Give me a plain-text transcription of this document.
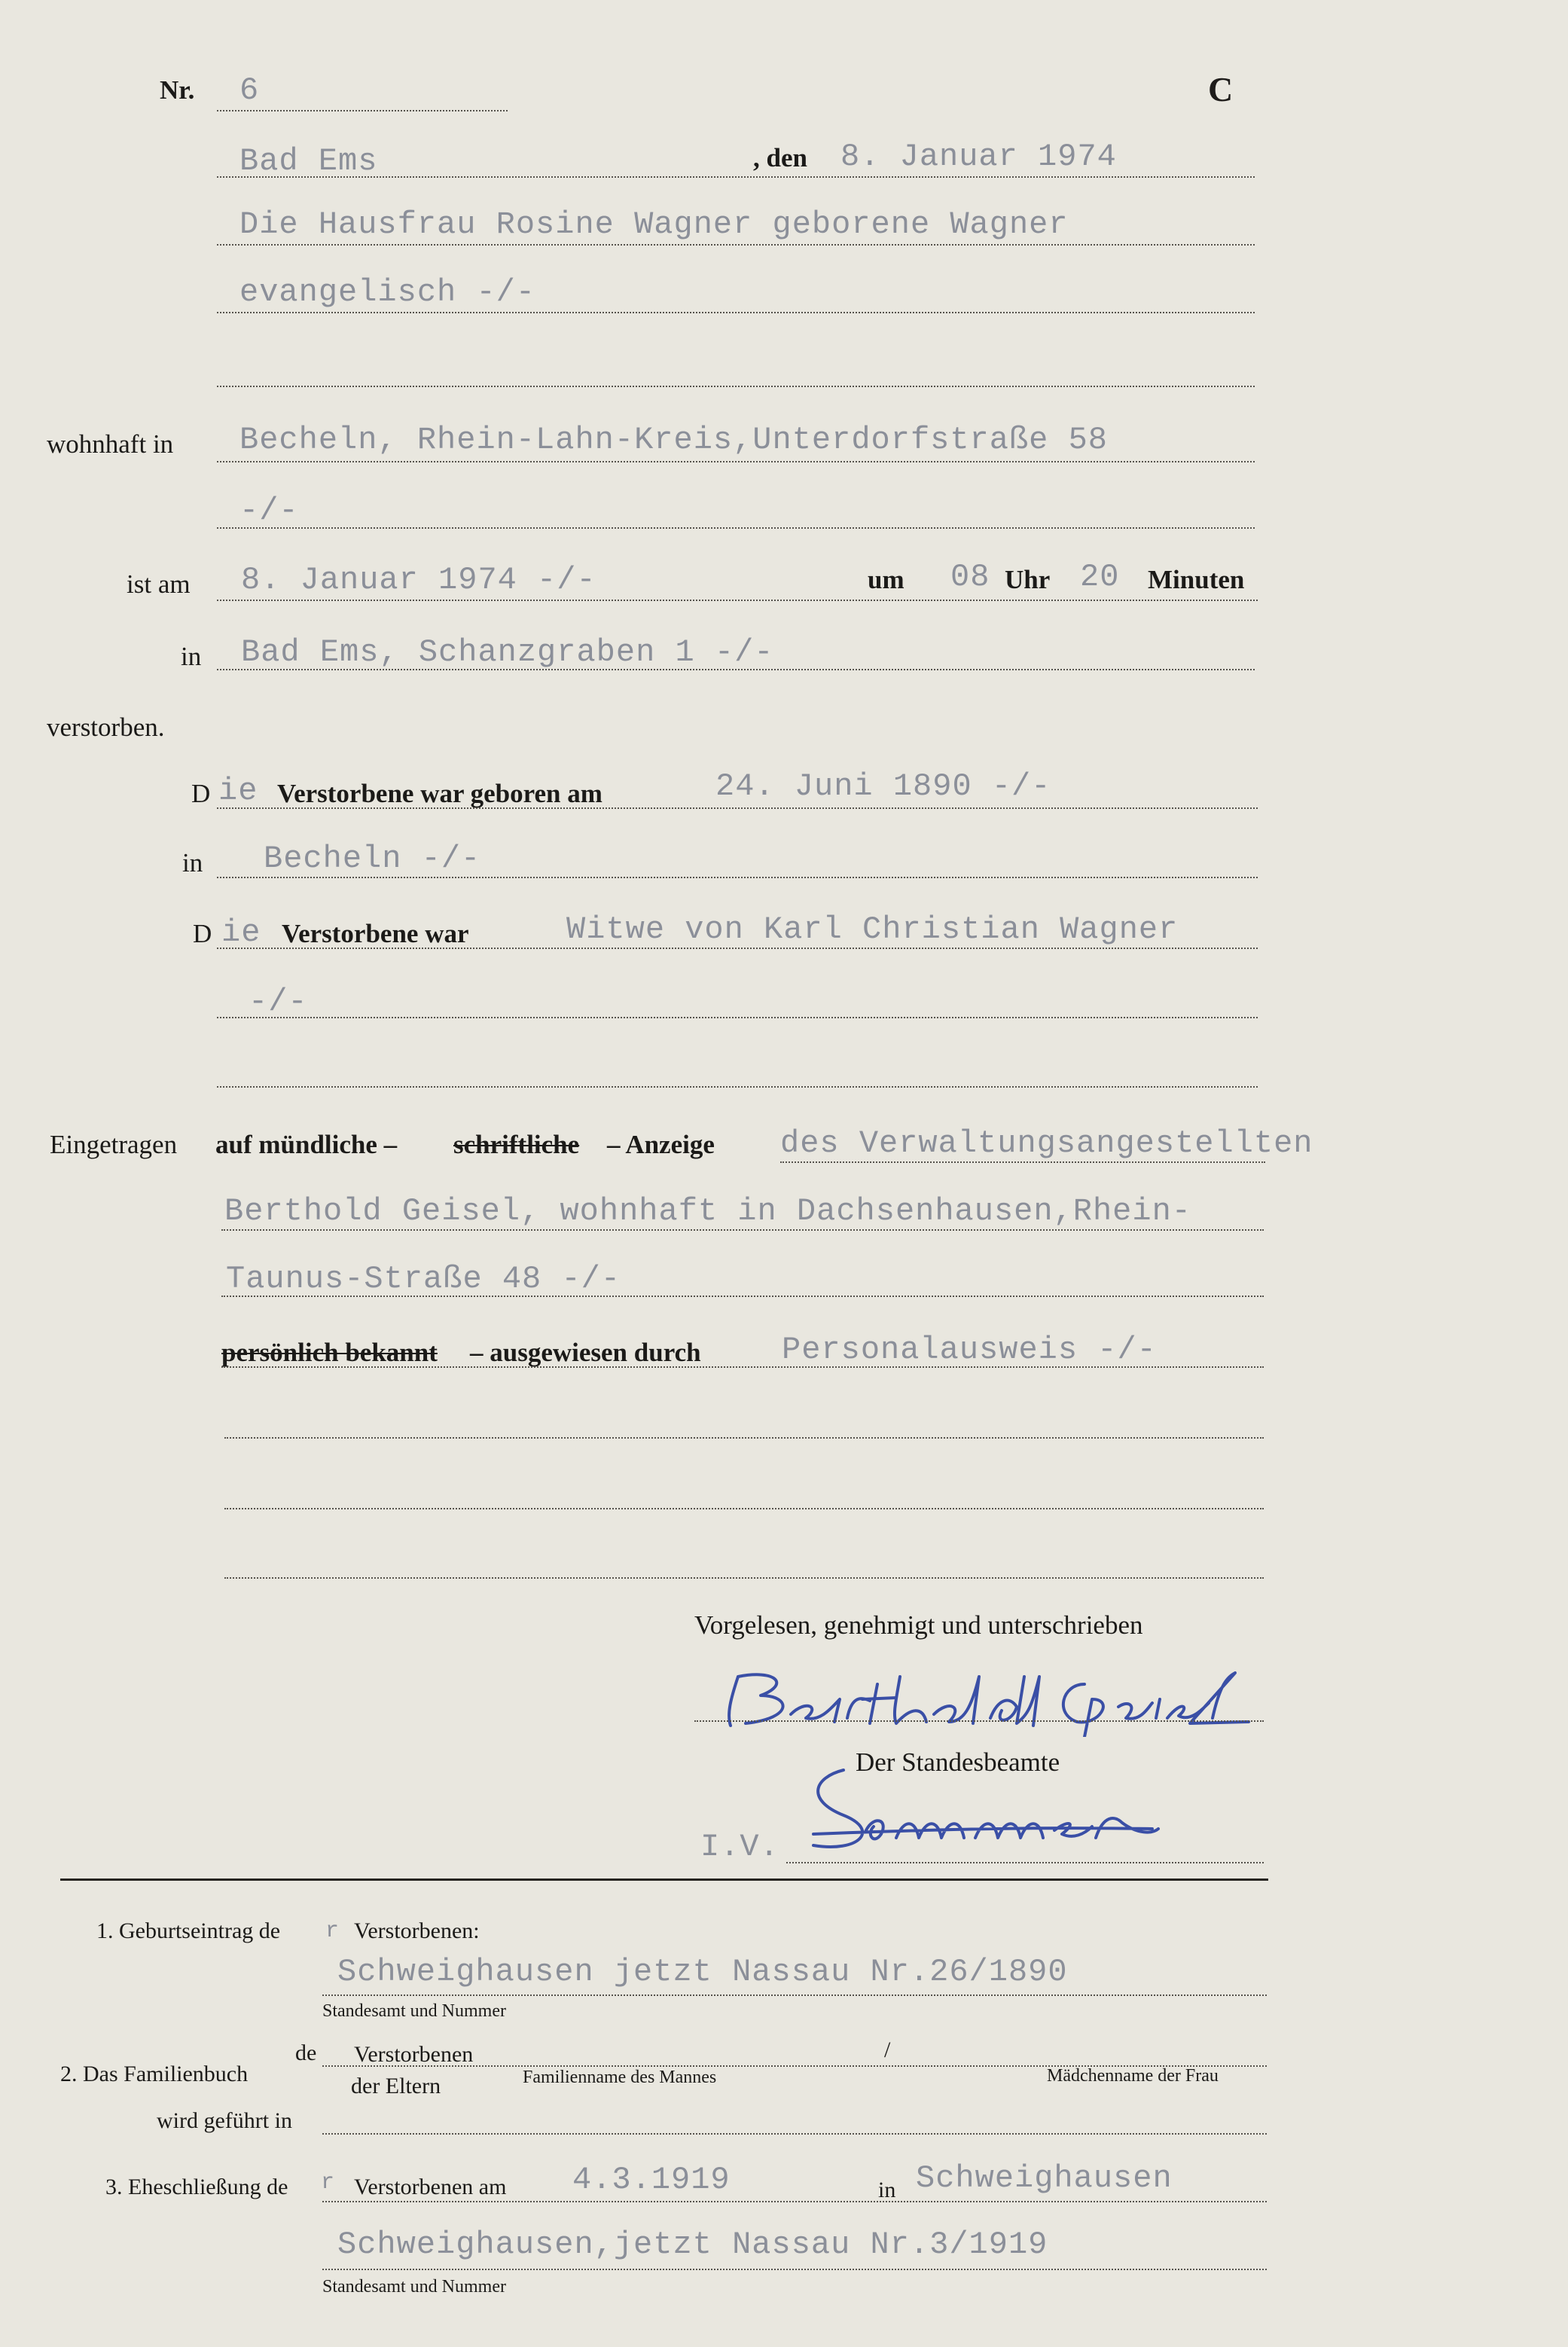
Nr. 6	C
Bad Ems	, den 8. Januar 1974
Die Hausfrau Rosine Wagner geborene Wagner
evangelisch -/-
wohnhaft in Becheln, Rhein-Lahn-Kreis,Unterdorfstraße 58
-/-
ist am 8. Januar 1974 -/-	um 08 Uhr 20 Minuten
in Bad Ems, Schanzgraben 1 -/-
verstorben.
D ie Verstorbene war geboren am	24. Juni 1890 -/-
in Becheln -/-
D ie Verstorbene war	Witwe von Karl Christian Wagner
-/-
Eingetragen auf mündliche – schriftliche – Anzeige des Verwaltungsangestellten
Berthold Geisel, wohnhaft in Dachsenhausen,Rhein-
Taunus-Straße 48 -/-
persönlich bekannt – ausgewiesen durch	Personalausweis -/-
Vorgelesen, genehmigt und unterschrieben
Der Standesbeamte
I.V.
1. Geburtseintrag de r Verstorbenen:
Schweighausen jetzt Nassau Nr.26/1890
Standesamt und Nummer
de Verstorbenen	/
2. Das Familienbuch	der Eltern	Familienname des Mannes	Mädchenname der Frau
wird geführt in
3. Eheschließung de r Verstorbenen am 4.3.1919	in Schweighausen
Schweighausen,jetzt Nassau Nr.3/1919
Standesamt und Nummer
